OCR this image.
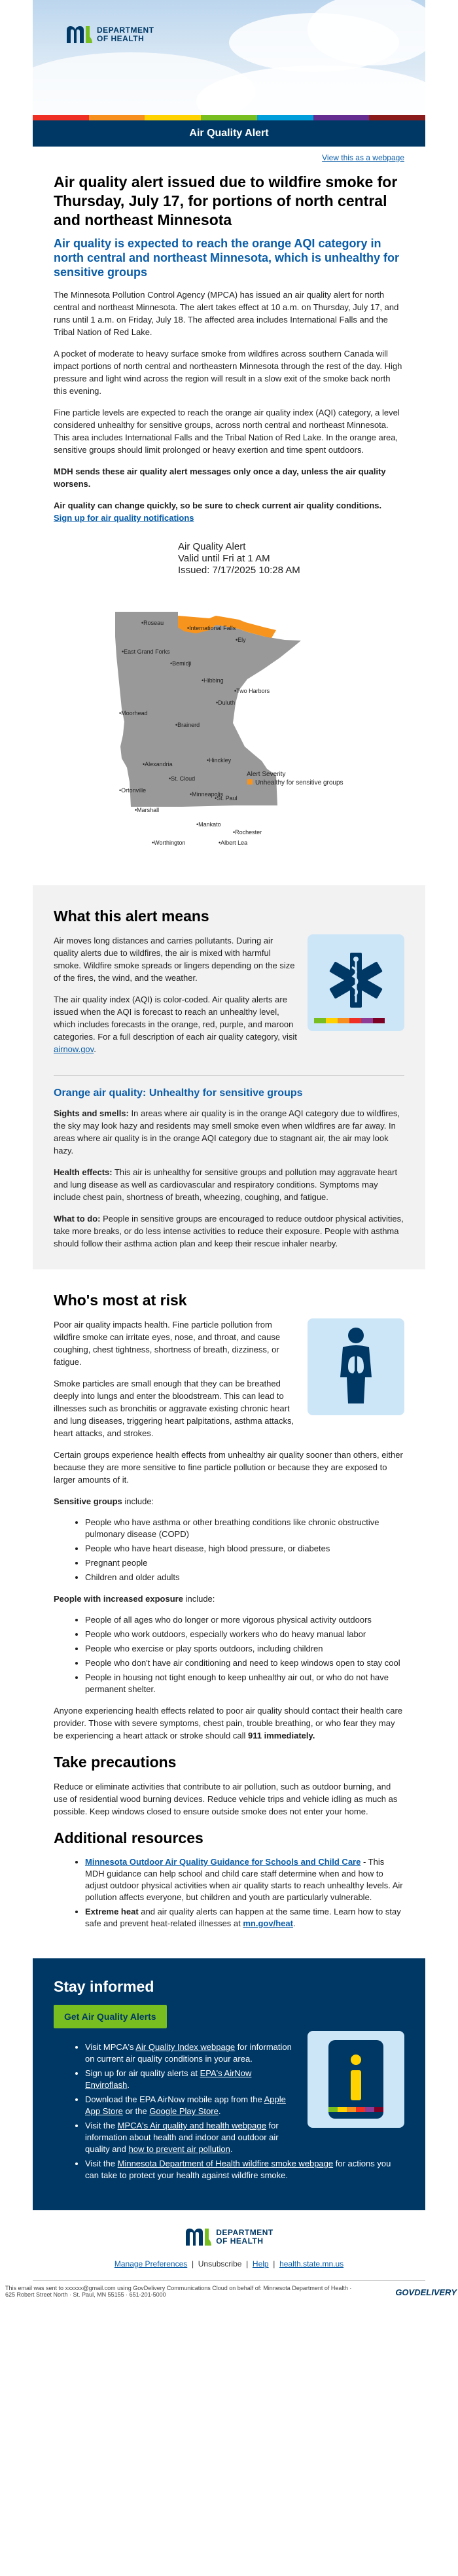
DEPARTMENT
OF HEALTH
Air Quality Alert
View this as a webpage
Air quality alert issued due to wildfire smoke for Thursday, July 17, for portions of north central and northeast Minnesota
Air quality is expected to reach the orange AQI category in north central and northeast Minnesota, which is unhealthy for sensitive groups

The Minnesota Pollution Control Agency (MPCA) has issued an air quality alert for north central and northeast Minnesota. The alert takes effect at 10 a.m. on Thursday, July 17, and runs until 1 a.m. on Friday, July 18. The affected area includes International Falls and the Tribal Nation of Red Lake.

A pocket of moderate to heavy surface smoke from wildfires across southern Canada will impact portions of north central and northeastern Minnesota through the rest of the day. High pressure and light wind across the region will result in a slow exit of the smoke back north this evening.

Fine particle levels are expected to reach the orange air quality index (AQI) category, a level considered unhealthy for sensitive groups, across north central and northeast Minnesota. This area includes International Falls and the Tribal Nation of Red Lake. In the orange area, sensitive groups should limit prolonged or heavy exertion and time spent outdoors.

MDH sends these air quality alert messages only once a day, unless the air quality worsens.

Air quality can change quickly, so be sure to check current air quality conditions.

Sign up for air quality notifications

Air Quality Alert
Valid until Fri at 1 AM
Issued: 7/17/2025 10:28 AM
Alert Severity
Unhealthy for sensitive groups
•Roseau
•International Falls
•Ely
•East Grand Forks
•Bemidji
•Hibbing
•Two Harbors
•Duluth
•Moorhead
•Brainerd
•Hinckley
•Alexandria
•St. Cloud
•Ortonville
•Minneapolis
•St. Paul
•Marshall
•Mankato
•Rochester
•Worthington	•Albert Lea
What this alert means

Air moves long distances and carries pollutants. During air quality alerts due to wildfires, the air is mixed with harmful smoke. Wildfire smoke spreads or lingers depending on the size of the fires, the wind, and the weather.

The air quality index (AQI) is color-coded. Air quality alerts are issued when the AQI is forecast to reach an unhealthy level, which includes forecasts in the orange, red, purple, and maroon categories. For a full description of each air quality category, visit airnow.gov.

Orange air quality: Unhealthy for sensitive groups

Sights and smells: In areas where air quality is in the orange AQI category due to wildfires, the sky may look hazy and residents may smell smoke even when wildfires are far away. In areas where air quality is in the orange AQI category due to stagnant air, the air may look hazy.

Health effects: This air is unhealthy for sensitive groups and pollution may aggravate heart and lung disease as well as cardiovascular and respiratory conditions. Symptoms may include chest pain, shortness of breath, wheezing, coughing, and fatigue.

What to do: People in sensitive groups are encouraged to reduce outdoor physical activities, take more breaks, or do less intense activities to reduce their exposure. People with asthma should follow their asthma action plan and keep their rescue inhaler nearby.

Who's most at risk

Poor air quality impacts health. Fine particle pollution from wildfire smoke can irritate eyes, nose, and throat, and cause coughing, chest tightness, shortness of breath, dizziness, or fatigue.

Smoke particles are small enough that they can be breathed deeply into lungs and enter the bloodstream. This can lead to illnesses such as bronchitis or aggravate existing chronic heart and lung diseases, triggering heart palpitations, asthma attacks, heart attacks, and strokes.

Certain groups experience health effects from unhealthy air quality sooner than others, either because they are more sensitive to fine particle pollution or because they are exposed to larger amounts of it.

Sensitive groups include:

• People who have asthma or other breathing conditions like chronic obstructive pulmonary disease (COPD)
• People who have heart disease, high blood pressure, or diabetes
• Pregnant people
• Children and older adults

People with increased exposure include:

• People of all ages who do longer or more vigorous physical activity outdoors
• People who work outdoors, especially workers who do heavy manual labor
• People who exercise or play sports outdoors, including children
• People who don't have air conditioning and need to keep windows open to stay cool
• People in housing not tight enough to keep unhealthy air out, or who do not have permanent shelter.

Anyone experiencing health effects related to poor air quality should contact their health care provider. Those with severe symptoms, chest pain, trouble breathing, or who fear they may be experiencing a heart attack or stroke should call 911 immediately.

Take precautions

Reduce or eliminate activities that contribute to air pollution, such as outdoor burning, and use of residential wood burning devices. Reduce vehicle trips and vehicle idling as much as possible. Keep windows closed to ensure outside smoke does not enter your home.

Additional resources
• Minnesota Outdoor Air Quality Guidance for Schools and Child Care - This MDH guidance can help school and child care staff determine when and how to adjust outdoor physical activities when air quality starts to reach unhealthy levels. Air pollution affects everyone, but children and youth are particularly vulnerable.
• Extreme heat and air quality alerts can happen at the same time. Learn how to stay safe and prevent heat-related illnesses at mn.gov/heat.
Stay informed
Get Air Quality Alerts
• Visit MPCA's Air Quality Index webpage for information on current air quality conditions in your area.
• Sign up for air quality alerts at EPA's AirNow Enviroflash.
• Download the EPA AirNow mobile app from the Apple App Store or the Google Play Store.
• Visit the MPCA's Air quality and health webpage for information about health and indoor and outdoor air quality and how to prevent air pollution.
• Visit the Minnesota Department of Health wildfire smoke webpage for actions you can take to protect your health against wildfire smoke.
DEPARTMENT
OF HEALTH
Manage Preferences | Unsubscribe | Help | health.state.mn.us
This email was sent to xxxxxx@gmail.com using GovDelivery Communications Cloud on behalf of: Minnesota Department of Health ·
625 Robert Street North · St. Paul, MN 55155 · 651-201-5000	GOVDELIVERY
